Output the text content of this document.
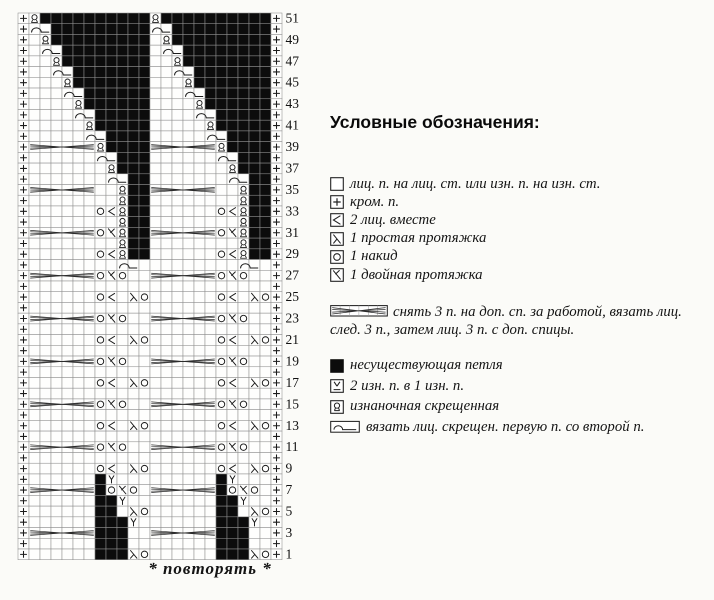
51
49
47
45
43
41
39
37
35
33
31
29
27
25
23
21
19
17
15
13
11
9
7
5
3
1
* повторять *
Условные обозначения:
лиц. п. на лиц. ст. или изн. п. на изн. ст.
кром. п.
2 лиц. вместе
1 простая протяжка
1 накид
1 двойная протяжка
снять 3 п. на доп. сп. за работой, вязать лиц. след. 3 п., затем лиц. 3 п. с доп. спицы.
несуществующая петля
2 изн. п. в 1 изн. п.
изнаночная скрещенная
вязать лиц. скрещен. первую п. со второй п.
